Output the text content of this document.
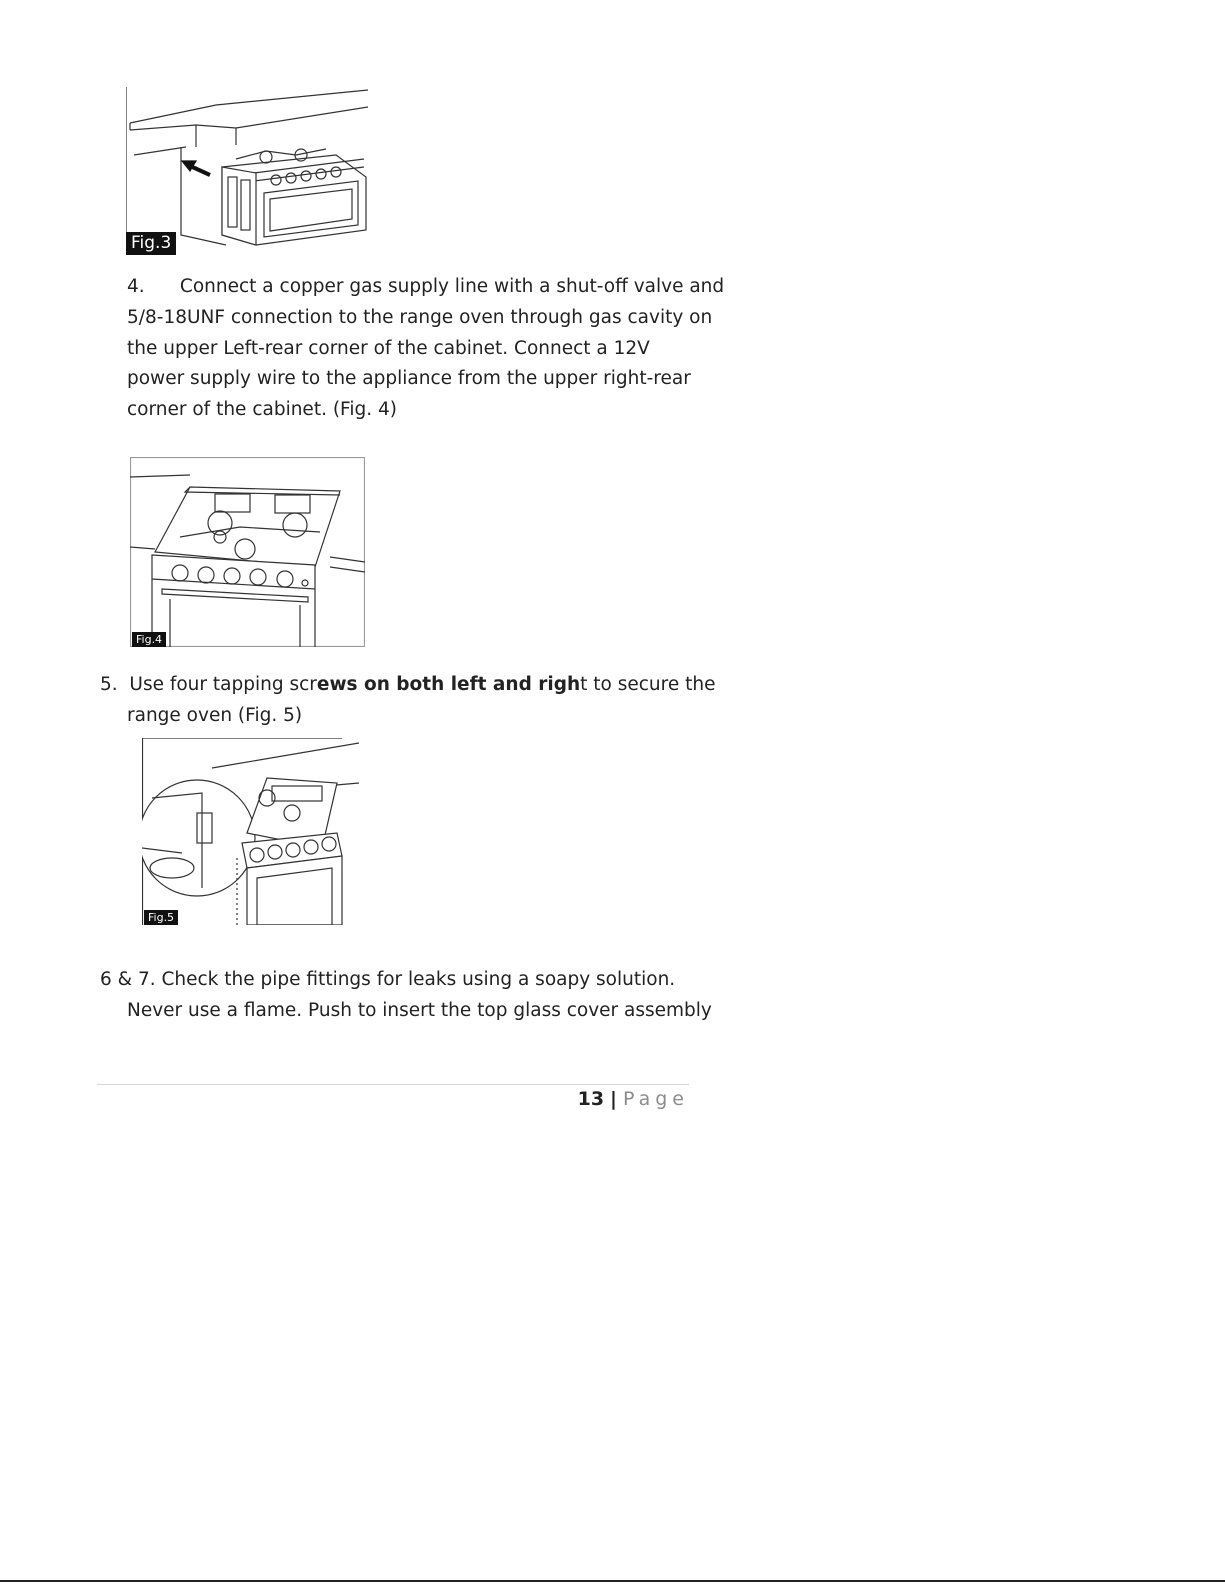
Fig.3
4.      Connect a copper gas supply line with a shut-off valve and
5/8-18UNF connection to the range oven through gas cavity on
the upper Left-rear corner of the cabinet. Connect a 12V
power supply wire to the appliance from the upper right-rear
corner of the cabinet. (Fig. 4)
Fig.4
5.  Use four tapping screws on both left and right to secure the
range oven (Fig. 5)
Fig.5
6 & 7. Check the pipe fittings for leaks using a soapy solution.
Never use a flame. Push to insert the top glass cover assembly
13 | Page
